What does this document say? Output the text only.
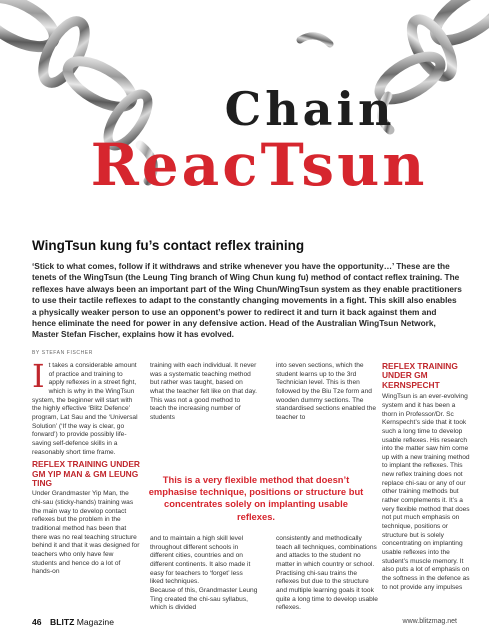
Chain
ReacTsun
WingTsun kung fu’s contact reflex training

‘Stick to what comes, follow if it withdraws and strike whenever you have the opportunity…’ These are the tenets of the WingTsun (the Leung Ting branch of Wing Chun kung fu) method of contact reflex training. The reflexes have always been an important part of the Wing Chun/WingTsun system as they enable practitioners to use their tactile reflexes to adapt to the constantly changing movements in a fight. This skill also enables a physically weaker person to use an opponent’s power to redirect it and turn it back against them and hence eliminate the need for power in any defensive action. Head of the Australian WingTsun Network, Master Stefan Fischer, explains how it has evolved.

BY STEFAN FISCHER

It takes a considerable amount of practice and training to apply reflexes in a street fight, which is why in the WingTsun system, the beginner will start with the highly effective ‘Blitz Defence’ program, Lat Sau and the ‘Universal Solution’ (‘If the way is clear, go forward’) to provide possibly life-saving self-defence skills in a reasonably short time frame.

REFLEX TRAINING UNDER GM YIP MAN & GM LEUNG TING

Under Grandmaster Yip Man, the chi-sau (sticky-hands) training was the main way to develop contact reflexes but the problem in the traditional method has been that there was no real teaching structure behind it and that it was designed for teachers who only have few students and hence do a lot of hands-on

training with each individual. It never was a systematic teaching method but rather was taught, based on what the teacher felt like on that day. This was not a good method to teach the increasing number of students

and to maintain a high skill level throughout different schools in different cities, countries and on different continents. It also made it easy for teachers to ‘forget’ less liked techniques.
Because of this, Grandmaster Leung Ting created the chi-sau syllabus, which is divided

into seven sections, which the student learns up to the 3rd Technician level. This is then followed by the Biu Tze form and wooden dummy sections. The standardised sections enabled the teacher to

consistently and methodically teach all techniques, combinations and attacks to the student no matter in which country or school. Practising chi-sau trains the reflexes but due to the structure and multiple learning goals it took quite a long time to develop usable reflexes.

REFLEX TRAINING UNDER GM KERNSPECHT

WingTsun is an ever-evolving system and it has been a thorn in Professor/Dr. Sc Kernspecht’s side that it took such a long time to develop usable reflexes. His research into the matter saw him come up with a new training method to implant the reflexes. This new reflex training does not replace chi-sau or any of our other training methods but rather complements it. It’s a very flexible method that does not put much emphasis on technique, positions or structure but is solely concentrating on implanting usable reflexes into the student’s muscle memory. It also puts a lot of emphasis on the softness in the defence as to not provide any impulses

This is a very flexible method that doesn’t emphasise technique, positions or structure but concentrates solely on implanting usable reflexes.
46 BLITZ Magazine	www.blitzmag.net
